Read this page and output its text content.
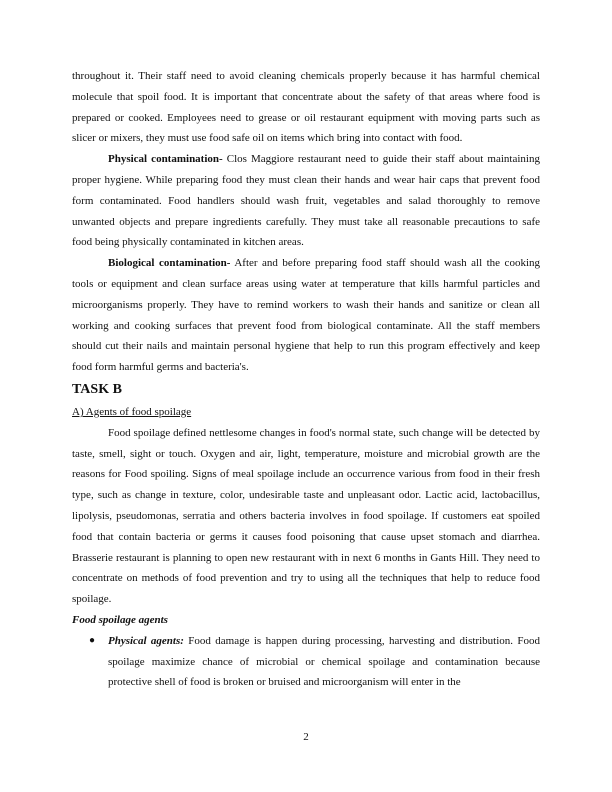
throughout it. Their staff need to avoid cleaning chemicals properly because it has harmful chemical molecule that spoil food. It is important that concentrate about the safety of that areas where food is prepared or cooked. Employees need to grease or oil restaurant equipment with moving parts such as slicer or mixers, they must use food safe oil on items which bring into contact with food.

Physical contamination- Clos Maggiore restaurant need to guide their staff about maintaining proper hygiene. While preparing food they must clean their hands and wear hair caps that prevent food form contaminated. Food handlers should wash fruit, vegetables and salad thoroughly to remove unwanted objects and prepare ingredients carefully. They must take all reasonable precautions to safe food being physically contaminated in kitchen areas.

Biological contamination- After and before preparing food staff should wash all the cooking tools or equipment and clean surface areas using water at temperature that kills harmful particles and microorganisms properly. They have to remind workers to wash their hands and sanitize or clean all working and cooking surfaces that prevent food from biological contaminate. All the staff members should cut their nails and maintain personal hygiene that help to run this program effectively and keep food form harmful germs and bacteria's.

TASK B

A) Agents of food spoilage

Food spoilage defined nettlesome changes in food's normal state, such change will be detected by taste, smell, sight or touch. Oxygen and air, light, temperature, moisture and microbial growth are the reasons for Food spoiling. Signs of meal spoilage include an occurrence various from food in their fresh type, such as change in texture, color, undesirable taste and unpleasant odor. Lactic acid, lactobacillus, lipolysis, pseudomonas, serratia and others bacteria involves in food spoilage. If customers eat spoiled food that contain bacteria or germs it causes food poisoning that cause upset stomach and diarrhea. Brasserie restaurant is planning to open new restaurant with in next 6 months in Gants Hill. They need to concentrate on methods of food prevention and try to using all the techniques that help to reduce food spoilage.

Food spoilage agents

● Physical agents: Food damage is happen during processing, harvesting and distribution. Food spoilage maximize chance of microbial or chemical spoilage and contamination because protective shell of food is broken or bruised and microorganism will enter in the
2
